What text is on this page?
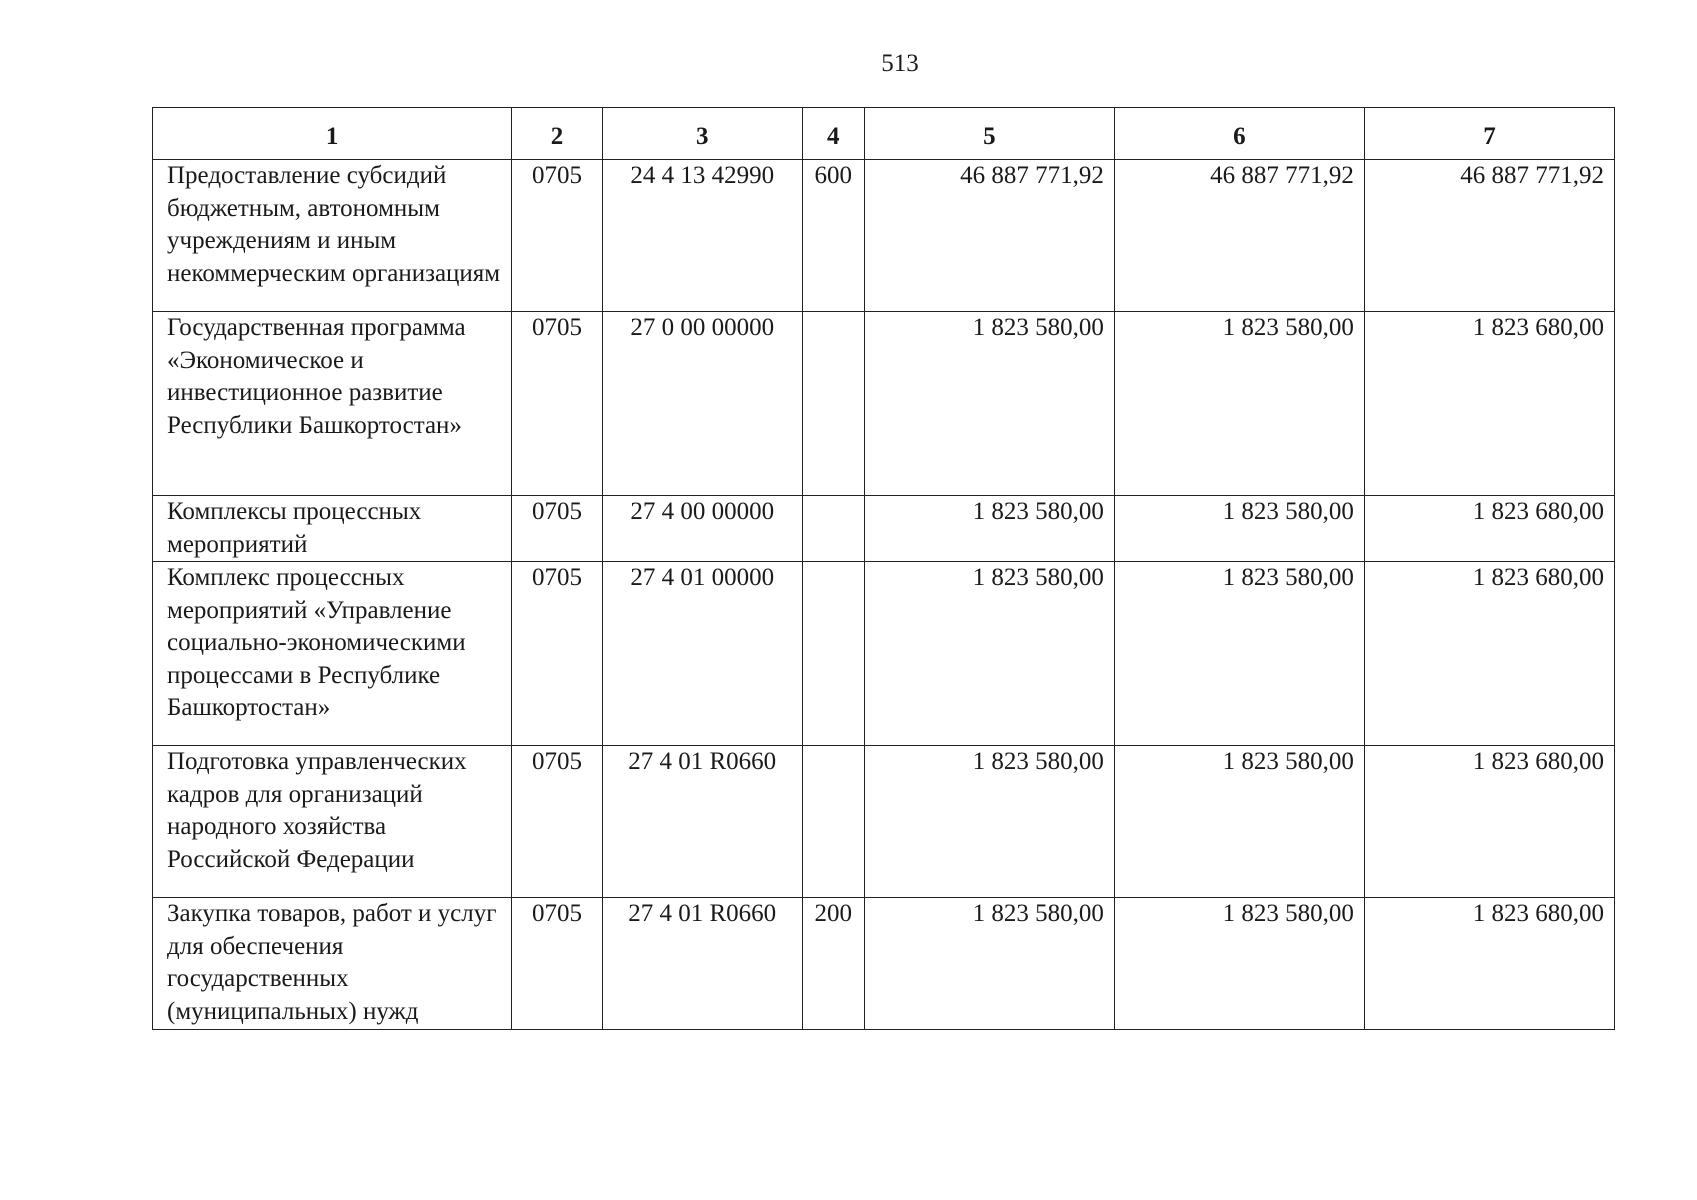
513
1	2	3	4	5	6	7
Предоставление субсидий бюджетным, автономным учреждениям и иным некоммерческим организациям	0705	24 4 13 42990	600	46 887 771,92	46 887 771,92	46 887 771,92
Государственная программа «Экономическое и инвестиционное развитие Республики Башкортостан»	0705	27 0 00 00000		1 823 580,00	1 823 580,00	1 823 680,00
Комплексы процессных мероприятий	0705	27 4 00 00000		1 823 580,00	1 823 580,00	1 823 680,00
Комплекс процессных мероприятий «Управление социально-экономическими процессами в Республике Башкортостан»	0705	27 4 01 00000		1 823 580,00	1 823 580,00	1 823 680,00
Подготовка управленческих кадров для организаций народного хозяйства Российской Федерации	0705	27 4 01 R0660		1 823 580,00	1 823 580,00	1 823 680,00
Закупка товаров, работ и услуг для обеспечения государственных (муниципальных) нужд	0705	27 4 01 R0660	200	1 823 580,00	1 823 580,00	1 823 680,00
